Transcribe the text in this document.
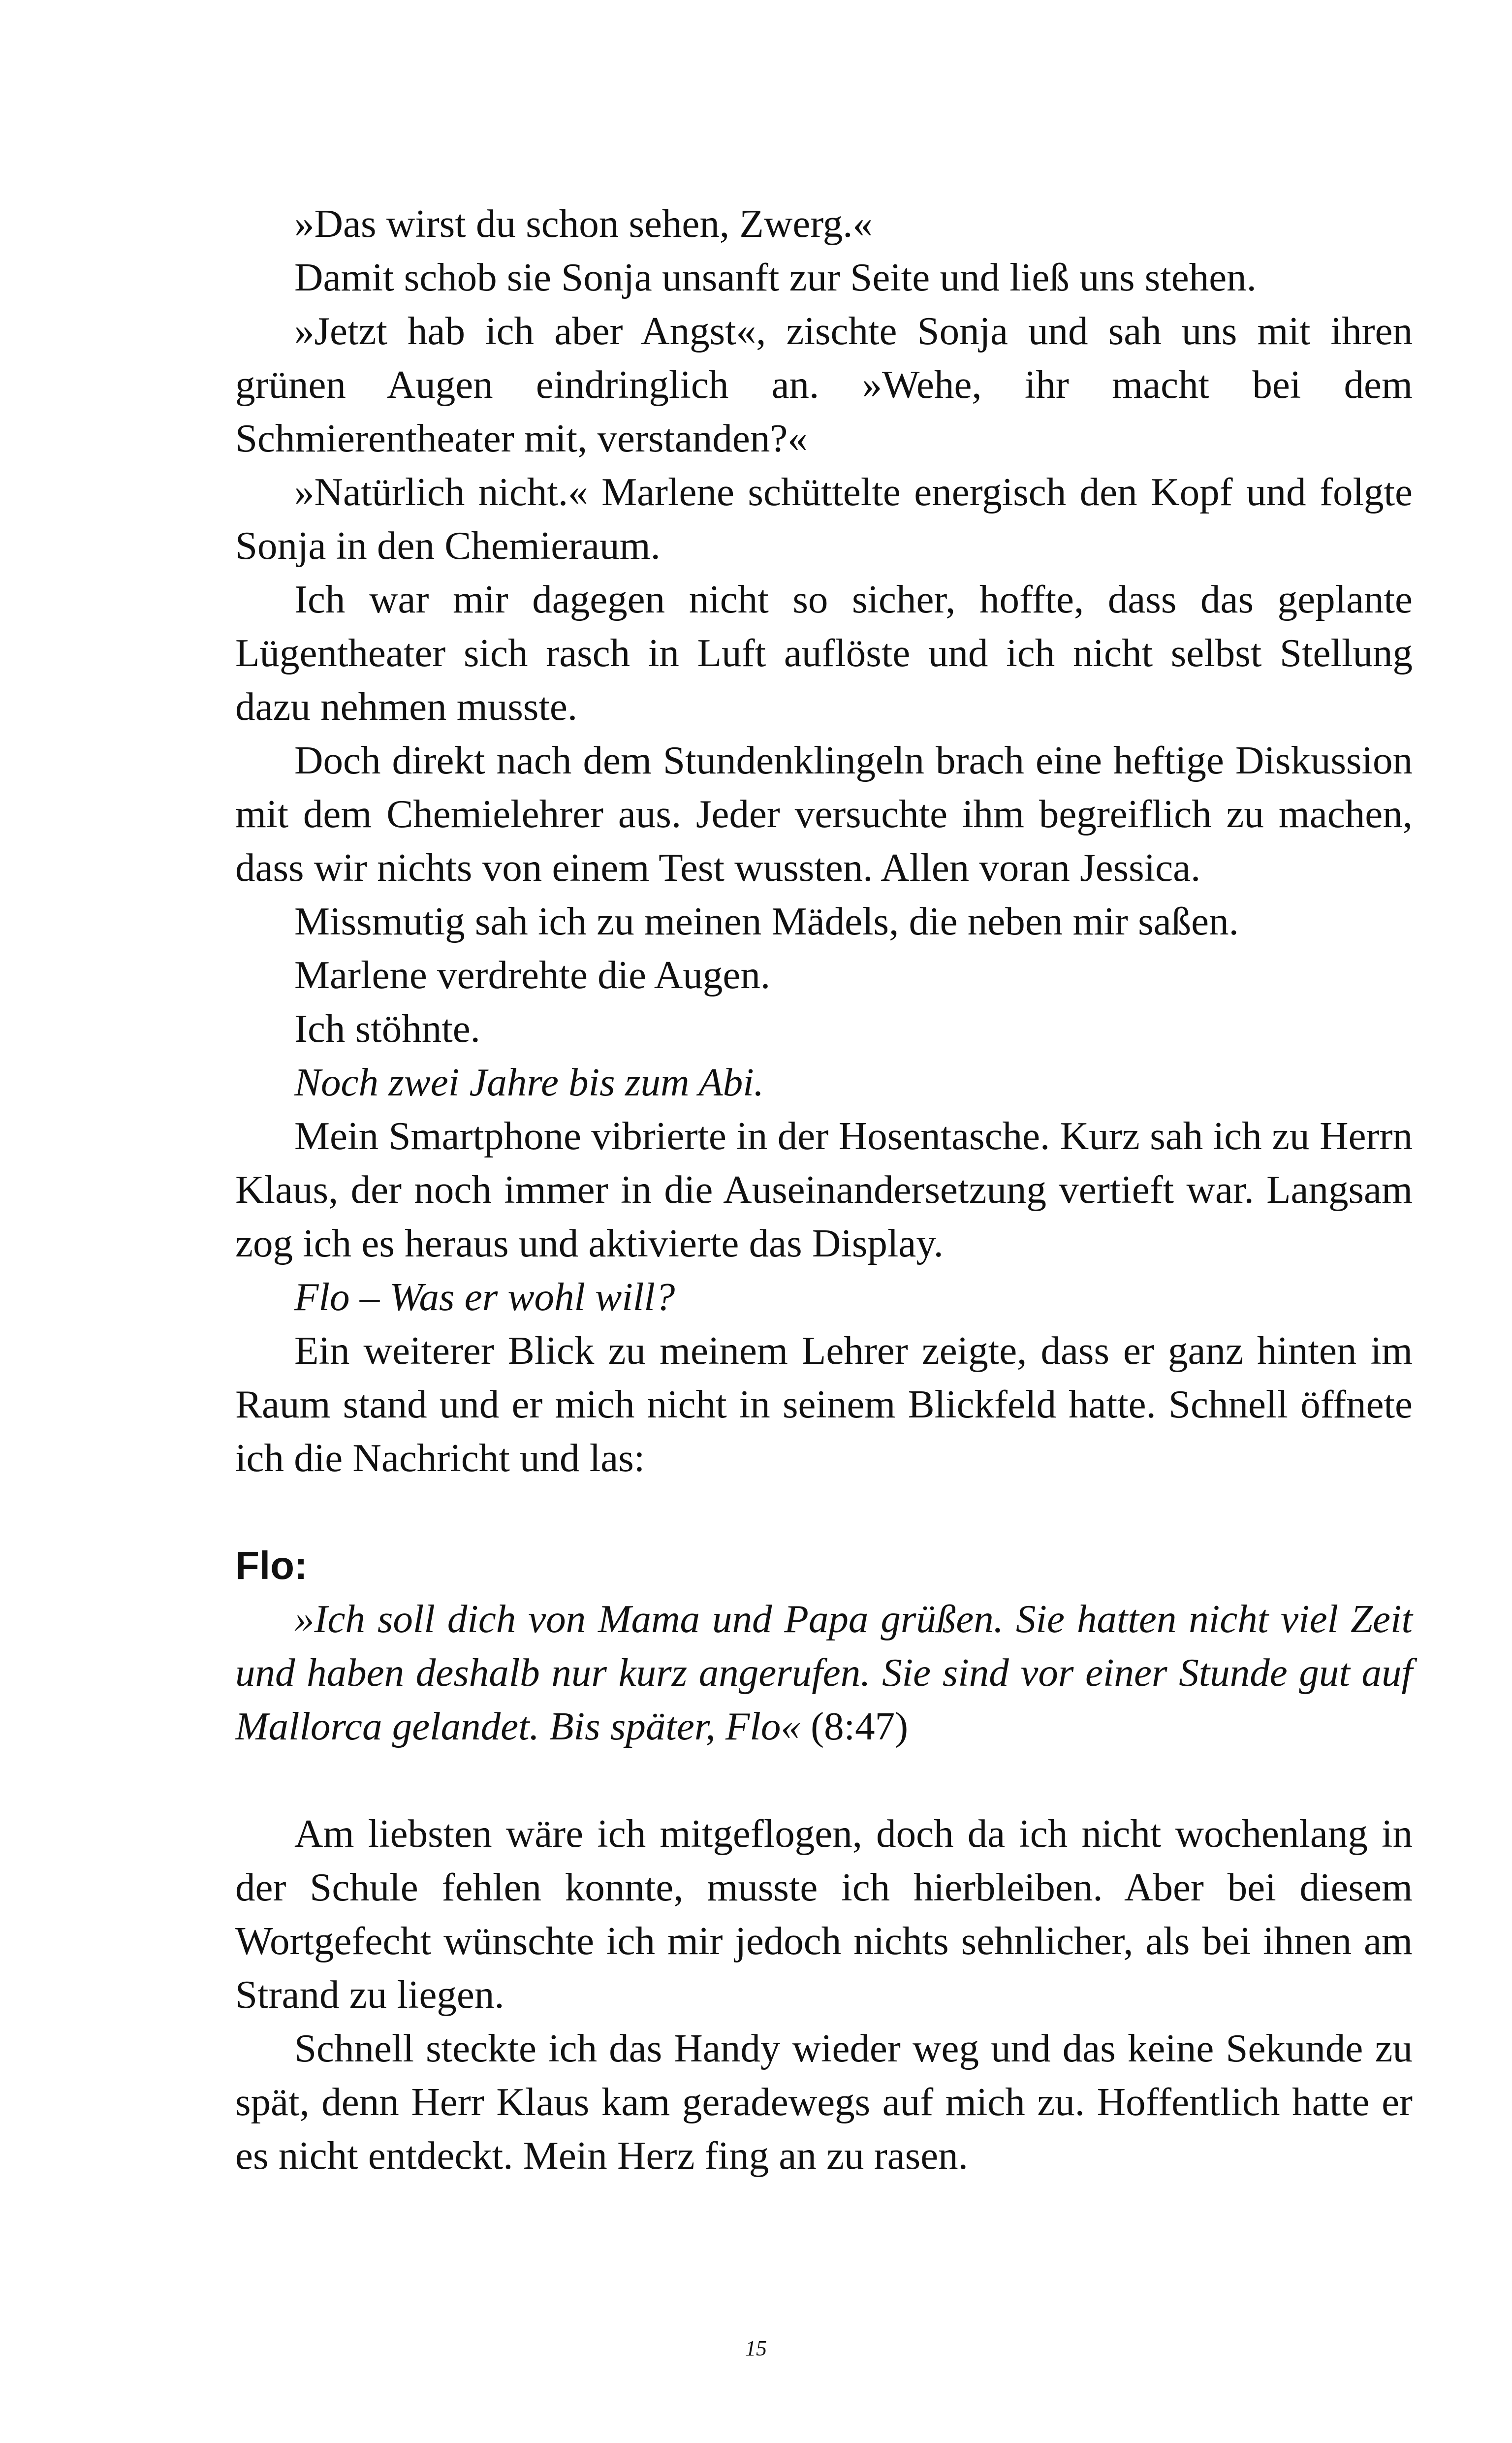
»Das wirst du schon sehen, Zwerg.«

Damit schob sie Sonja unsanft zur Seite und ließ uns stehen.

»Jetzt hab ich aber Angst«, zischte Sonja und sah uns mit ihren grünen Augen eindringlich an. »Wehe, ihr macht bei dem Schmierentheater mit, verstanden?«

»Natürlich nicht.« Marlene schüttelte energisch den Kopf und folgte Sonja in den Chemieraum.

Ich war mir dagegen nicht so sicher, hoffte, dass das geplante Lügentheater sich rasch in Luft auflöste und ich nicht selbst Stellung dazu nehmen musste.

Doch direkt nach dem Stundenklingeln brach eine heftige Diskussion mit dem Chemielehrer aus. Jeder versuchte ihm begreiflich zu machen, dass wir nichts von einem Test wussten. Allen voran Jessica.

Missmutig sah ich zu meinen Mädels, die neben mir saßen.

Marlene verdrehte die Augen.

Ich stöhnte.

Noch zwei Jahre bis zum Abi.

Mein Smartphone vibrierte in der Hosentasche. Kurz sah ich zu Herrn Klaus, der noch immer in die Auseinandersetzung vertieft war. Langsam zog ich es heraus und aktivierte das Display.

Flo – Was er wohl will?

Ein weiterer Blick zu meinem Lehrer zeigte, dass er ganz hinten im Raum stand und er mich nicht in seinem Blickfeld hatte. Schnell öffnete ich die Nachricht und las:

Flo:

»Ich soll dich von Mama und Papa grüßen. Sie hatten nicht viel Zeit und haben deshalb nur kurz angerufen. Sie sind vor einer Stunde gut auf Mallorca gelandet. Bis später, Flo« (8:47)

Am liebsten wäre ich mitgeflogen, doch da ich nicht wochenlang in der Schule fehlen konnte, musste ich hierbleiben. Aber bei diesem Wortgefecht wünschte ich mir jedoch nichts sehnlicher, als bei ihnen am Strand zu liegen.

Schnell steckte ich das Handy wieder weg und das keine Sekunde zu spät, denn Herr Klaus kam geradewegs auf mich zu. Hoffentlich hatte er es nicht entdeckt. Mein Herz fing an zu rasen.

15
